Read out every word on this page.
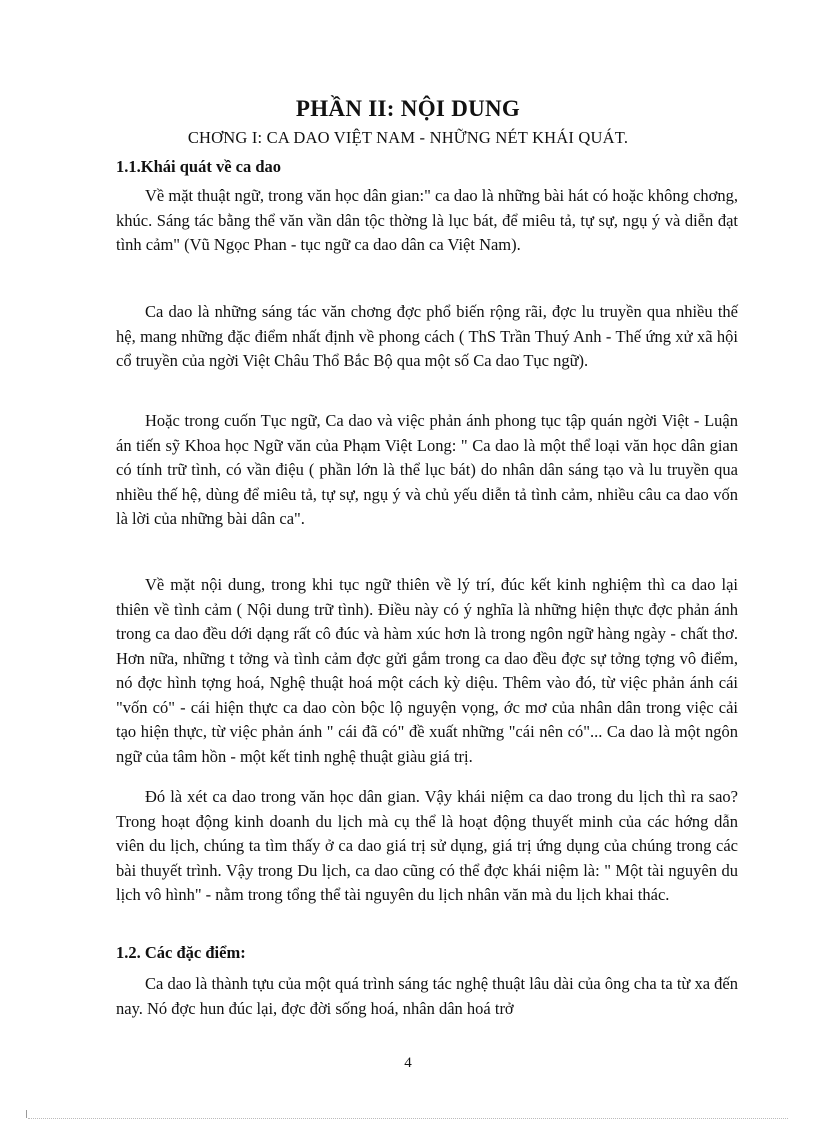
PHẦN II: NỘI DUNG
CHƠNG I: CA DAO VIỆT NAM - NHỮNG NÉT KHÁI QUÁT.

1.1.Khái quát về ca dao

Về mặt thuật ngữ, trong văn học dân gian:" ca dao là những bài hát có hoặc không chơng, khúc. Sáng tác bằng thể văn vần dân tộc thờng là lục bát, để miêu tả, tự sự, ngụ ý và diễn đạt tình cảm" (Vũ Ngọc Phan - tục ngữ ca dao dân ca Việt Nam).

Ca dao là những sáng tác văn chơng đợc phổ biến rộng rãi, đợc lu truyền qua nhiều thế hệ, mang những đặc điểm nhất định về phong cách ( ThS Trần Thuý Anh - Thế ứng xử xã hội cổ truyền của ngời Việt Châu Thổ Bắc Bộ qua một số Ca dao Tục ngữ).

Hoặc trong cuốn Tục ngữ, Ca dao và việc phản ánh phong tục tập quán ngời Việt - Luận án tiến sỹ Khoa học Ngữ văn của Phạm Việt Long: " Ca dao là một thể loại văn học dân gian có tính trữ tình, có vần điệu ( phần lớn là thể lục bát) do nhân dân sáng tạo và lu truyền qua nhiều thế hệ, dùng để miêu tả, tự sự, ngụ ý và chủ yếu diễn tả tình cảm, nhiều câu ca dao vốn là lời của những bài dân ca".

Về mặt nội dung, trong khi tục ngữ thiên về lý trí, đúc kết kinh nghiệm thì ca dao lại thiên về tình cảm ( Nội dung trữ tình). Điều này có ý nghĩa là những hiện thực đợc phản ánh trong ca dao đều dới dạng rất cô đúc và hàm xúc hơn là trong ngôn ngữ hàng ngày - chất thơ. Hơn nữa, những t tởng và tình cảm đợc gửi gắm trong ca dao đều đợc sự tởng tợng vô điểm, nó đợc hình tợng hoá, Nghệ thuật hoá một cách kỳ diệu. Thêm vào đó, từ việc phản ánh cái "vốn có" - cái hiện thực ca dao còn bộc lộ nguyện vọng, ớc mơ của nhân dân trong việc cải tạo hiện thực, từ việc phản ánh " cái đã có" đề xuất những "cái nên có"... Ca dao là một ngôn ngữ của tâm hồn - một kết tinh nghệ thuật giàu giá trị.

Đó là xét ca dao trong văn học dân gian. Vậy khái niệm ca dao trong du lịch thì ra sao? Trong hoạt động kinh doanh du lịch mà cụ thể là hoạt động thuyết minh của các hớng dẫn viên du lịch, chúng ta tìm thấy ở ca dao giá trị sử dụng, giá trị ứng dụng của chúng trong các bài thuyết trình. Vậy trong Du lịch, ca dao cũng có thể đợc khái niệm là: " Một tài nguyên du lịch vô hình" - nằm trong tổng thể tài nguyên du lịch nhân văn mà du lịch khai thác.

1.2. Các đặc điểm:

Ca dao là thành tựu của một quá trình sáng tác nghệ thuật lâu dài của ông cha ta từ xa đến nay. Nó đợc hun đúc lại, đợc đời sống hoá, nhân dân hoá trở

4
